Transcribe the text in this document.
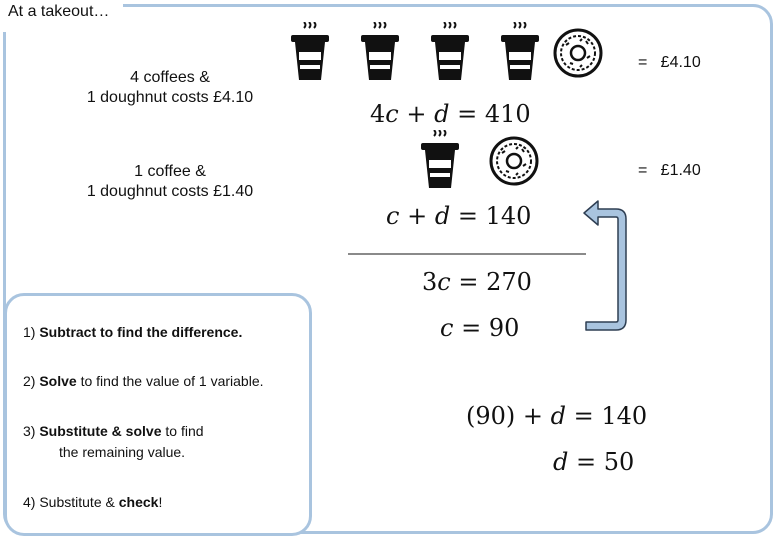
At a takeout…
4 coffees &
1 doughnut costs £4.10
1 coffee &
1 doughnut costs £1.40
=   £4.10
=   £1.40
4c + d = 410
c + d = 140
3c = 270
c = 90
(90) + d = 140
d = 50
1) Subtract to find the difference.
2) Solve to find the value of 1 variable.
3) Substitute & solve to find
the remaining value.
4) Substitute & check!
